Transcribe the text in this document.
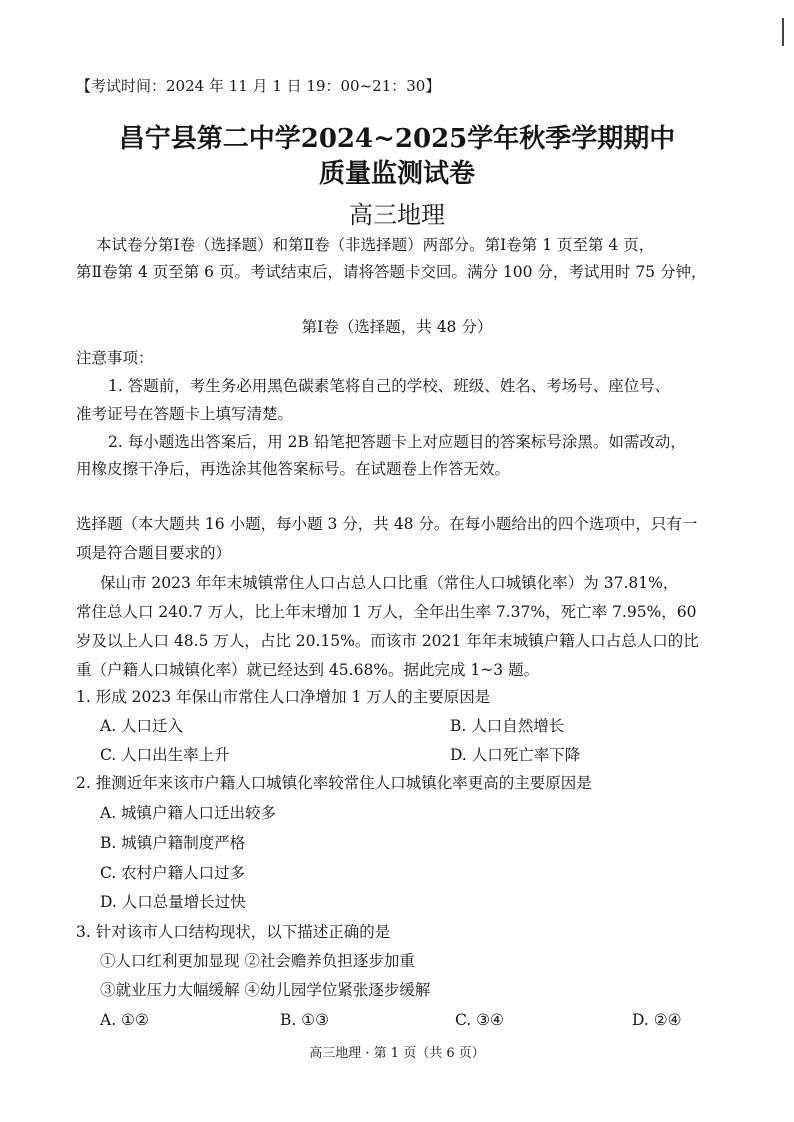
【考试时间：2024 年 11 月 1 日 19：00~21：30】
昌宁县第二中学2024~2025学年秋季学期期中
质量监测试卷
高三地理
本试卷分第Ⅰ卷（选择题）和第Ⅱ卷（非选择题）两部分。第Ⅰ卷第 1 页至第 4 页，
第Ⅱ卷第 4 页至第 6 页。考试结束后，请将答题卡交回。满分 100 分，考试用时 75 分钟，
第Ⅰ卷（选择题，共 48 分）
注意事项：
1. 答题前，考生务必用黑色碳素笔将自己的学校、班级、姓名、考场号、座位号、
准考证号在答题卡上填写清楚。
2. 每小题选出答案后，用 2B 铅笔把答题卡上对应题目的答案标号涂黑。如需改动，
用橡皮擦干净后，再选涂其他答案标号。在试题卷上作答无效。
选择题（本大题共 16 小题，每小题 3 分，共 48 分。在每小题给出的四个选项中，只有一
项是符合题目要求的）
保山市 2023 年年末城镇常住人口占总人口比重（常住人口城镇化率）为 37.81%，
常住总人口 240.7 万人，比上年末增加 1 万人，全年出生率 7.37%，死亡率 7.95%，60
岁及以上人口 48.5 万人，占比 20.15%。而该市 2021 年年末城镇户籍人口占总人口的比
重（户籍人口城镇化率）就已经达到 45.68%。据此完成 1~3 题。
1. 形成 2023 年保山市常住人口净增加 1 万人的主要原因是
A. 人口迁入	B. 人口自然增长
C. 人口出生率上升	D. 人口死亡率下降
2. 推测近年来该市户籍人口城镇化率较常住人口城镇化率更高的主要原因是
A. 城镇户籍人口迁出较多
B. 城镇户籍制度严格
C. 农村户籍人口过多
D. 人口总量增长过快
3. 针对该市人口结构现状，以下描述正确的是
①人口红利更加显现 ②社会赡养负担逐步加重
③就业压力大幅缓解 ④幼儿园学位紧张逐步缓解
A. ①②	B. ①③	C. ③④	D. ②④
高三地理 · 第 1 页（共 6 页）
